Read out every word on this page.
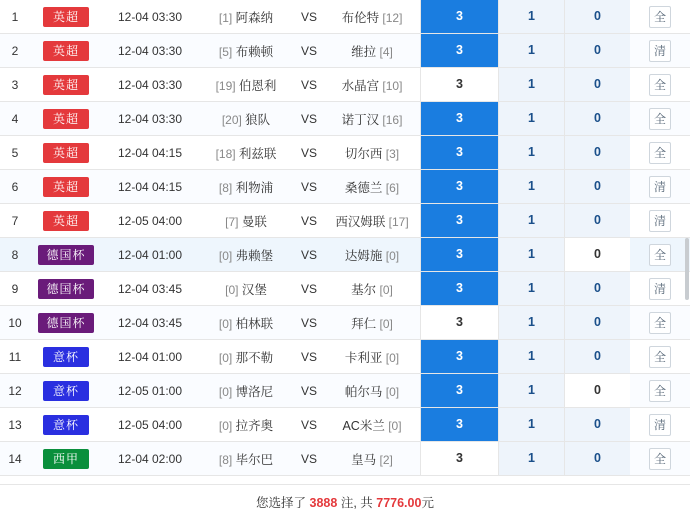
1	英超	12-04 03:30	[1] 阿森纳	VS	布伦特 [12]	3	1	0	全
2	英超	12-04 03:30	[5] 布赖顿	VS	维拉 [4]	3	1	0	清
3	英超	12-04 03:30	[19] 伯恩利	VS	水晶宫 [10]	3	1	0	全
4	英超	12-04 03:30	[20] 狼队	VS	诺丁汉 [16]	3	1	0	全
5	英超	12-04 04:15	[18] 利兹联	VS	切尔西 [3]	3	1	0	全
6	英超	12-04 04:15	[8] 利物浦	VS	桑德兰 [6]	3	1	0	清
7	英超	12-05 04:00	[7] 曼联	VS	西汉姆联 [17]	3	1	0	清
8	德国杯	12-04 01:00	[0] 弗赖堡	VS	达姆施 [0]	3	1	0	全
9	德国杯	12-04 03:45	[0] 汉堡	VS	基尔 [0]	3	1	0	清
10	德国杯	12-04 03:45	[0] 柏林联	VS	拜仁 [0]	3	1	0	全
11	意杯	12-04 01:00	[0] 那不勒	VS	卡利亚 [0]	3	1	0	全
12	意杯	12-05 01:00	[0] 博洛尼	VS	帕尔马 [0]	3	1	0	全
13	意杯	12-05 04:00	[0] 拉齐奥	VS	AC米兰 [0]	3	1	0	清
14	西甲	12-04 02:00	[8] 毕尔巴	VS	皇马 [2]	3	1	0	全
您选择了 3888 注, 共 7776.00元
